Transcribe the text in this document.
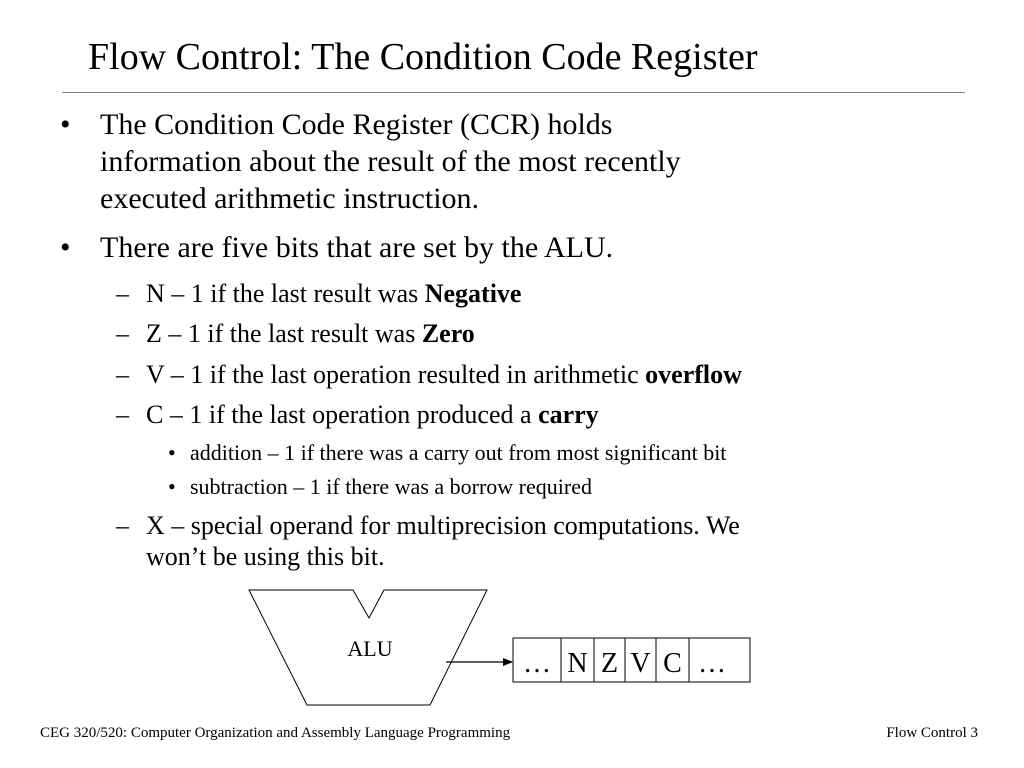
Flow Control: The Condition Code Register
• The Condition Code Register (CCR) holds
information about the result of the most recently
executed arithmetic instruction.
• There are five bits that are set by the ALU.
– N – 1 if the last result was Negative
– Z – 1 if the last result was Zero
– V – 1 if the last operation resulted in arithmetic overflow
– C – 1 if the last operation produced a carry
• addition – 1 if there was a carry out from most significant bit
• subtraction – 1 if there was a borrow required
– X – special operand for multiprecision computations. We
won’t be using this bit.
ALU	… N Z V C …
CEG 320/520: Computer Organization and Assembly Language Programming	Flow Control 3
